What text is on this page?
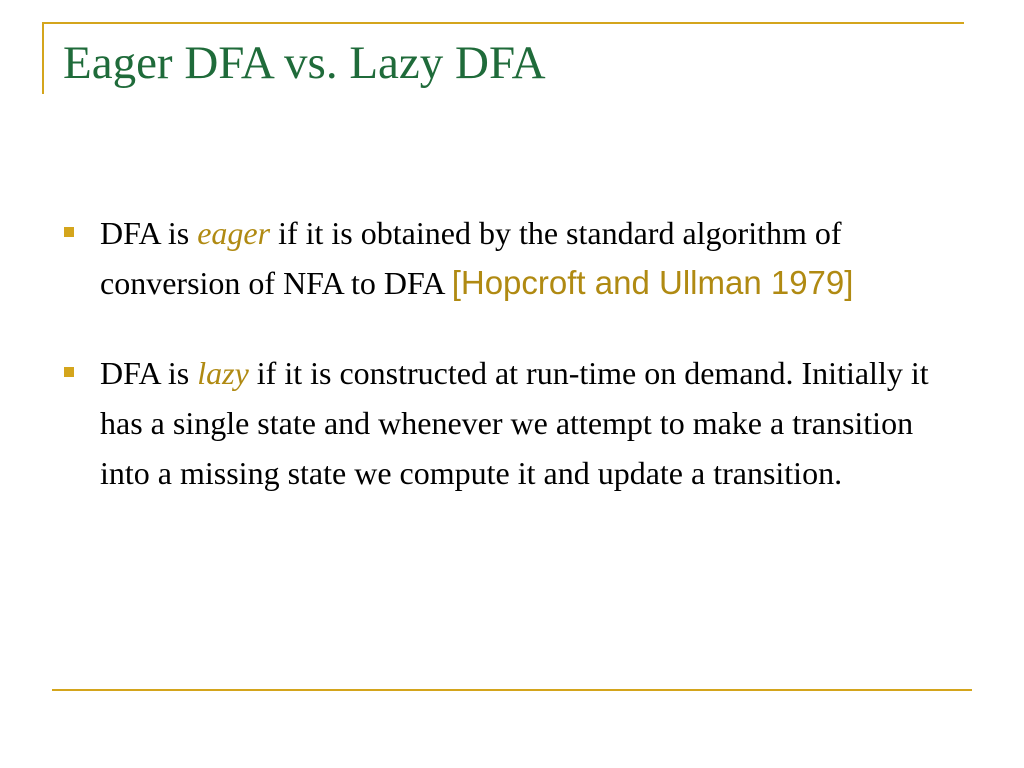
Eager DFA vs. Lazy DFA
DFA is eager if it is obtained by the standard algorithm of conversion of NFA to DFA [Hopcroft and Ullman 1979]
DFA is lazy if it is constructed at run-time on demand. Initially it has a single state and whenever we attempt to make a transition into a missing state we compute it and update a transition.
